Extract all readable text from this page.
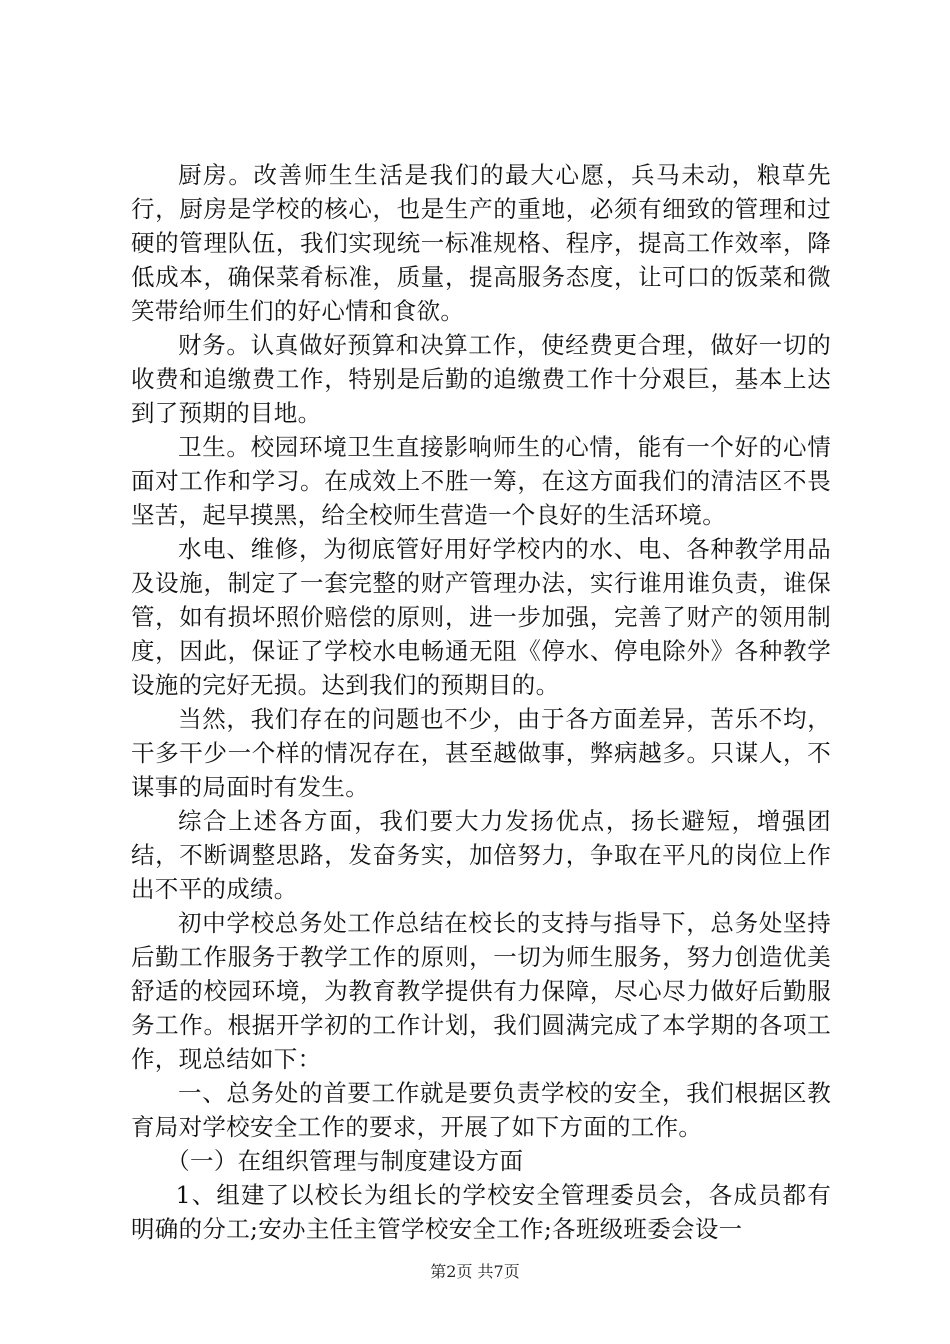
厨房。改善师生生活是我们的最大心愿，兵马未动，粮草先行，厨房是学校的核心，也是生产的重地，必须有细致的管理和过硬的管理队伍，我们实现统一标准规格、程序，提高工作效率，降低成本，确保菜肴标准，质量，提高服务态度，让可口的饭菜和微笑带给师生们的好心情和食欲。

财务。认真做好预算和决算工作，使经费更合理，做好一切的收费和追缴费工作，特别是后勤的追缴费工作十分艰巨，基本上达到了预期的目地。

卫生。校园环境卫生直接影响师生的心情，能有一个好的心情面对工作和学习。在成效上不胜一筹，在这方面我们的清洁区不畏坚苦，起早摸黑，给全校师生营造一个良好的生活环境。

水电、维修，为彻底管好用好学校内的水、电、各种教学用品及设施，制定了一套完整的财产管理办法，实行谁用谁负责，谁保管，如有损坏照价赔偿的原则，进一步加强，完善了财产的领用制度，因此，保证了学校水电畅通无阻《停水、停电除外》各种教学设施的完好无损。达到我们的预期目的。

当然，我们存在的问题也不少，由于各方面差异，苦乐不均，干多干少一个样的情况存在，甚至越做事，弊病越多。只谋人，不谋事的局面时有发生。

综合上述各方面，我们要大力发扬优点，扬长避短，增强团结，不断调整思路，发奋务实，加倍努力，争取在平凡的岗位上作出不平的成绩。

初中学校总务处工作总结在校长的支持与指导下，总务处坚持后勤工作服务于教学工作的原则，一切为师生服务，努力创造优美舒适的校园环境，为教育教学提供有力保障，尽心尽力做好后勤服务工作。根据开学初的工作计划，我们圆满完成了本学期的各项工作，现总结如下：

一、总务处的首要工作就是要负责学校的安全，我们根据区教育局对学校安全工作的要求，开展了如下方面的工作。

（一）在组织管理与制度建设方面

1、组建了以校长为组长的学校安全管理委员会，各成员都有明确的分工;安办主任主管学校安全工作;各班级班委会设一

第2页 共7页
